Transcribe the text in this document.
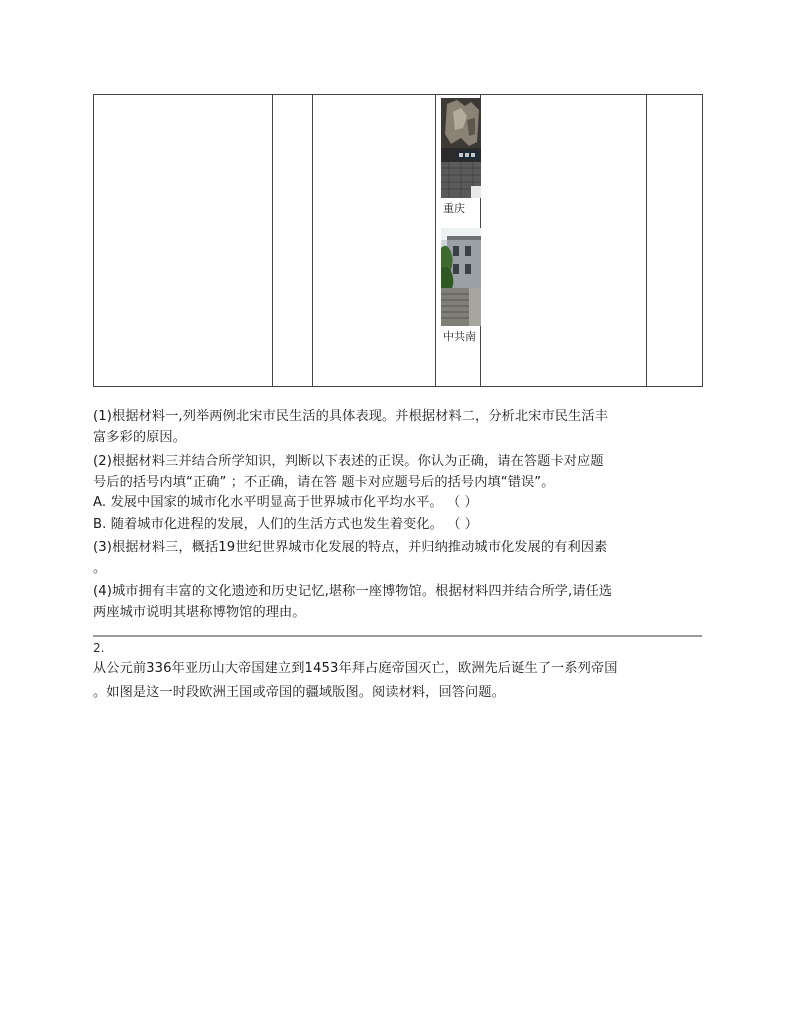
重庆
中共南
(1)根据材料一,列举两例北宋市民生活的具体表现。并根据材料二，分析北宋市民生活丰
富多彩的原因。
(2)根据材料三并结合所学知识，判断以下表述的正误。你认为正确，请在答题卡对应题
号后的括号内填“正确” ；不正确，请在答 题卡对应题号后的括号内填“错误”。
A. 发展中国家的城市化水平明显高于世界城市化平均水平。 （ ）
B. 随着城市化进程的发展，人们的生活方式也发生着变化。 （ ）
(3)根据材料三，概括19世纪世界城市化发展的特点，并归纳推动城市化发展的有利因素
。
(4)城市拥有丰富的文化遗迹和历史记忆,堪称一座博物馆。根据材料四并结合所学,请任选
两座城市说明其堪称博物馆的理由。
2.
从公元前336年亚历山大帝国建立到1453年拜占庭帝国灭亡，欧洲先后诞生了一系列帝国
。如图是这一时段欧洲王国或帝国的疆域版图。阅读材料，回答问题。
